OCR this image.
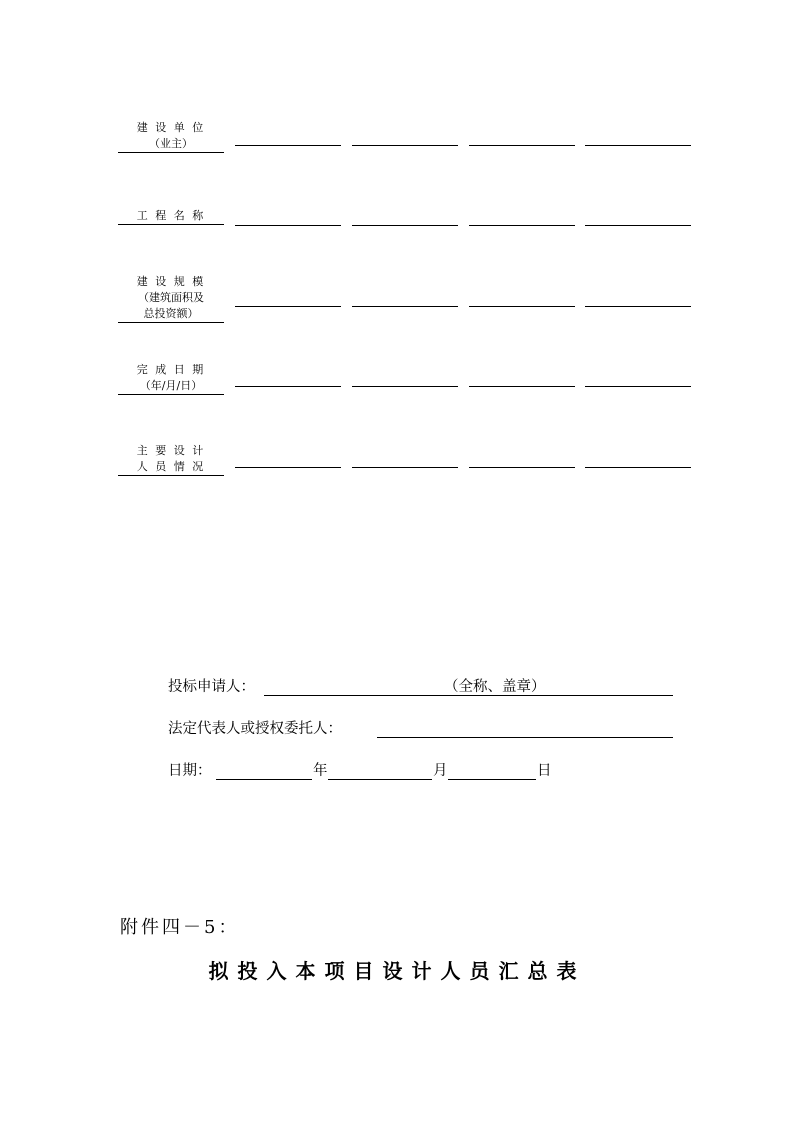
建 设 单 位
（业主）
工 程 名 称
建 设 规 模
（建筑面积及
总投资额）
完 成 日 期
（年/月/日）
主 要 设 计
人 员 情 况
投标申请人：	（全称、盖章）
法定代表人或授权委托人：
日期：	年	月	日
附件四－5：
拟投入本项目设计人员汇总表
